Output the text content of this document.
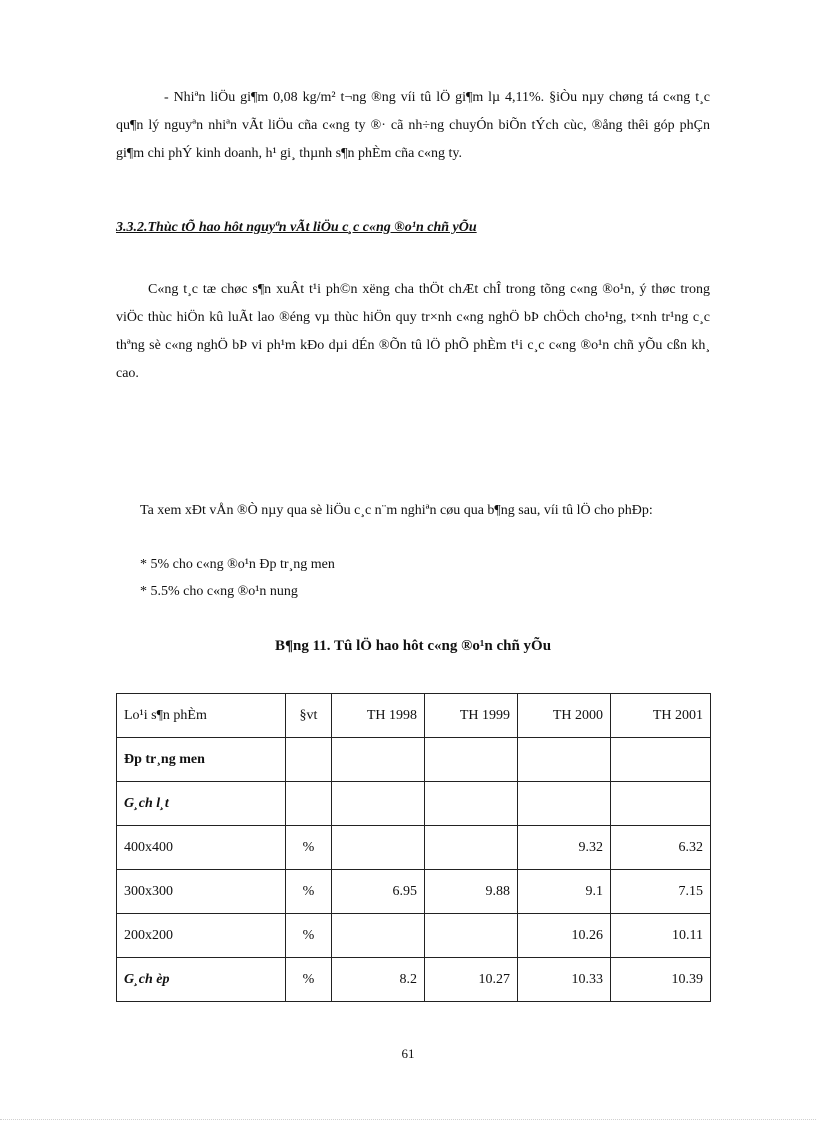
- Nhiªn liÖu gi¶m 0,08 kg/m² t¬ng ®ng víi tû lÖ gi¶m lµ 4,11%. §iÒu nµy chøng tá c«ng t¸c qu¶n lý nguyªn nhiªn vÃt liÖu cña c«ng ty ®· cã nh÷ng chuyÓn biÕn tÝch cùc, ®ång thêi góp phÇn gi¶m chi phÝ kinh doanh, h¹ gi¸ thµnh s¶n phÈm cña c«ng ty.

3.3.2.Thùc tÕ hao hôt nguyªn vÃt liÖu c¸c c«ng ®o¹n chñ yÕu

C«ng t¸c tæ chøc s¶n xuÂt t¹i ph©n xëng cha thÖt chÆt chÎ trong tõng c«ng ®o¹n, ý thøc trong viÖc thùc hiÖn kû luÃt lao ®éng vµ thùc hiÖn quy tr×nh c«ng nghÖ bÞ chÖch cho¹ng, t×nh tr¹ng c¸c thªng sè c«ng nghÖ bÞ vi ph¹m kÐo dµi dÉn ®Õn tû lÖ phÕ phÈm t¹i c¸c c«ng ®o¹n chñ yÕu cßn kh¸ cao.

Ta xem xÐt vÅn ®Ò nµy qua sè liÖu c¸c n¨m nghiªn cøu qua b¶ng sau, víi tû lÖ cho phÐp:

* 5% cho c«ng ®o¹n Ðp tr¸ng men

* 5.5% cho c«ng ®o¹n nung

B¶ng 11. Tû lÖ hao hôt c«ng ®o¹n chñ yÕu

Lo¹i s¶n phÈm	§vt	TH 1998	TH 1999	TH 2000	TH 2001
Ðp tr¸ng men					
G¸ch l¸t					
400x400	%			9.32	6.32
300x300	%	6.95	9.88	9.1	7.15
200x200	%			10.26	10.11
G¸ch èp	%	8.2	10.27	10.33	10.39

61
